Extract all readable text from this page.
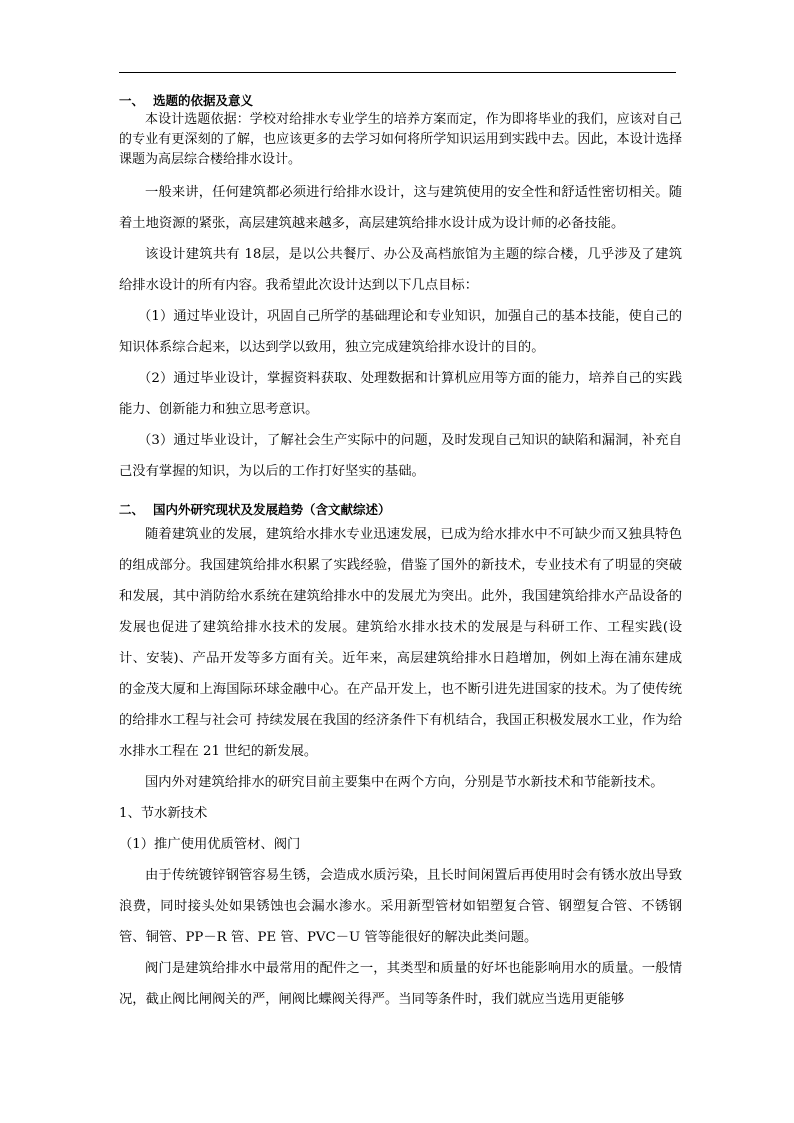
一、 选题的依据及意义

本设计选题依据：学校对给排水专业学生的培养方案而定，作为即将毕业的我们，应该对自己的专业有更深刻的了解，也应该更多的去学习如何将所学知识运用到实践中去。因此，本设计选择课题为高层综合楼给排水设计。

一般来讲，任何建筑都必须进行给排水设计，这与建筑使用的安全性和舒适性密切相关。随着土地资源的紧张，高层建筑越来越多，高层建筑给排水设计成为设计师的必备技能。

该设计建筑共有 18层，是以公共餐厅、办公及高档旅馆为主题的综合楼，几乎涉及了建筑给排水设计的所有内容。我希望此次设计达到以下几点目标：

（1）通过毕业设计，巩固自己所学的基础理论和专业知识，加强自己的基本技能，使自己的知识体系综合起来，以达到学以致用，独立完成建筑给排水设计的目的。

（2）通过毕业设计，掌握资料获取、处理数据和计算机应用等方面的能力，培养自己的实践能力、创新能力和独立思考意识。

（3）通过毕业设计，了解社会生产实际中的问题，及时发现自己知识的缺陷和漏洞，补充自己没有掌握的知识，为以后的工作打好坚实的基础。

二、 国内外研究现状及发展趋势（含文献综述）

随着建筑业的发展，建筑给水排水专业迅速发展，已成为给水排水中不可缺少而又独具特色的组成部分。我国建筑给排水积累了实践经验，借鉴了国外的新技术，专业技术有了明显的突破和发展，其中消防给水系统在建筑给排水中的发展尤为突出。此外，我国建筑给排水产品设备的发展也促进了建筑给排水技术的发展。建筑给水排水技术的发展是与科研工作、工程实践(设计、安装)、产品开发等多方面有关。近年来，高层建筑给排水日趋增加，例如上海在浦东建成的金茂大厦和上海国际环球金融中心。在产品开发上，也不断引进先进国家的技术。为了使传统的给排水工程与社会可 持续发展在我国的经济条件下有机结合，我国正积极发展水工业，作为给水排水工程在 21 世纪的新发展。

国内外对建筑给排水的研究目前主要集中在两个方向，分别是节水新技术和节能新技术。

1、节水新技术

（1）推广使用优质管材、阀门

由于传统镀锌钢管容易生锈，会造成水质污染，且长时间闲置后再使用时会有锈水放出导致浪费，同时接头处如果锈蚀也会漏水渗水。采用新型管材如铝塑复合管、钢塑复合管、不锈钢管、铜管、PP－R 管、PE 管、PVC－U 管等能很好的解决此类问题。

阀门是建筑给排水中最常用的配件之一，其类型和质量的好坏也能影响用水的质量。一般情况，截止阀比闸阀关的严，闸阀比蝶阀关得严。当同等条件时，我们就应当选用更能够
